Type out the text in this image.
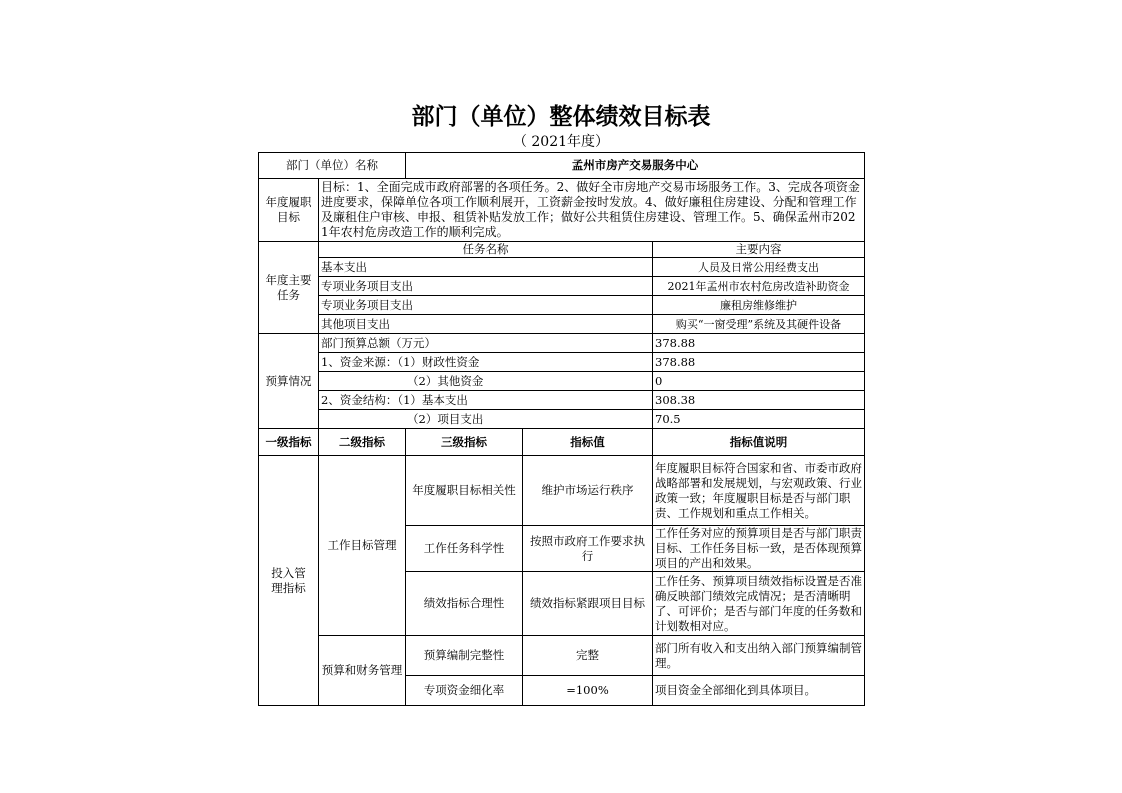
部门（单位）整体绩效目标表
（ 2021年度）
部门（单位）名称		孟州市房产交易服务中心		
年度履职目标	目标：1、全面完成市政府部署的各项任务。2、做好全市房地产交易市场服务工作。3、完成各项资金进度要求，保障单位各项工作顺利展开，工资薪金按时发放。4、做好廉租住房建设、分配和管理工作及廉租住户审核、申报、租赁补贴发放工作；做好公共租赁住房建设、管理工作。5、确保孟州市2021年农村危房改造工作的顺利完成。			
年度主要任务	任务名称			主要内容
	基本支出			人员及日常公用经费支出
	专项业务项目支出			2021年孟州市农村危房改造补助资金
	专项业务项目支出			廉租房维修维护
	其他项目支出			购买“一窗受理”系统及其硬件设备
预算情况	部门预算总额（万元）			378.88
	1、资金来源：（1）财政性资金			378.88
	（2）其他资金			0
	2、资金结构：（1）基本支出			308.38
	（2）项目支出			70.5
一级指标	二级指标	三级指标	指标值	指标值说明
投入管理指标	工作目标管理	年度履职目标相关性	维护市场运行秩序	年度履职目标符合国家和省、市委市政府战略部署和发展规划，与宏观政策、行业政策一致；年度履职目标是否与部门职责、工作规划和重点工作相关。
		工作任务科学性	按照市政府工作要求执行	工作任务对应的预算项目是否与部门职责目标、工作任务目标一致，是否体现预算项目的产出和效果。
		绩效指标合理性	绩效指标紧跟项目目标	工作任务、预算项目绩效指标设置是否准确反映部门绩效完成情况；是否清晰明了、可评价；是否与部门年度的任务数和计划数相对应。
	预算和财务管理	预算编制完整性	完整	部门所有收入和支出纳入部门预算编制管理。
		专项资金细化率	=100%	项目资金全部细化到具体项目。
